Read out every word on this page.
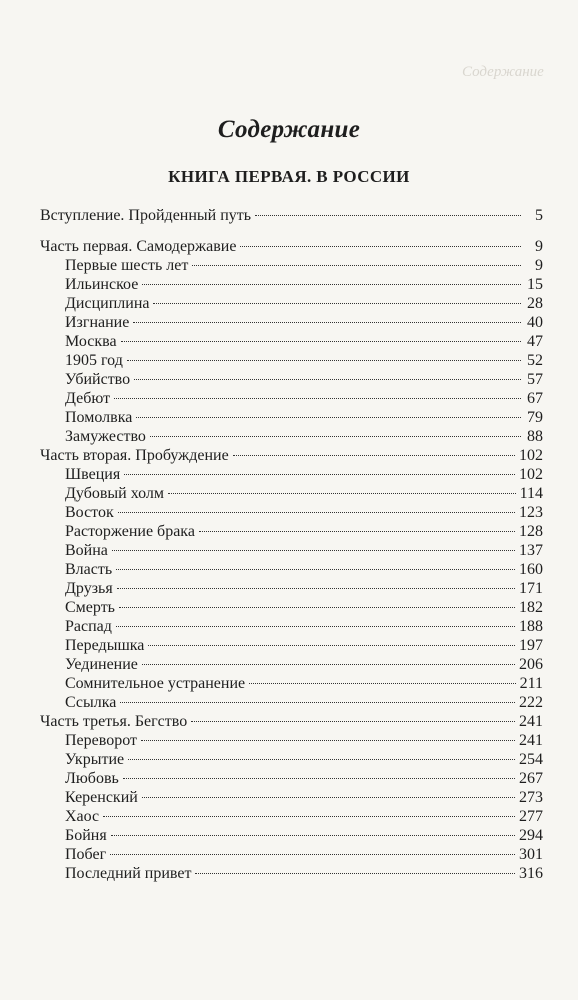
Содержание
Содержание
КНИГА ПЕРВАЯ. В РОССИИ
Вступление. Пройденный путь	5
Часть первая. Самодержавие	9
Первые шесть лет	9
Ильинское	15
Дисциплина	28
Изгнание	40
Москва	47
1905 год	52
Убийство	57
Дебют	67
Помолвка	79
Замужество	88
Часть вторая. Пробуждение	102
Швеция	102
Дубовый холм	114
Восток	123
Расторжение брака	128
Война	137
Власть	160
Друзья	171
Смерть	182
Распад	188
Передышка	197
Уединение	206
Сомнительное устранение	211
Ссылка	222
Часть третья. Бегство	241
Переворот	241
Укрытие	254
Любовь	267
Керенский	273
Хаос	277
Бойня	294
Побег	301
Последний привет	316
